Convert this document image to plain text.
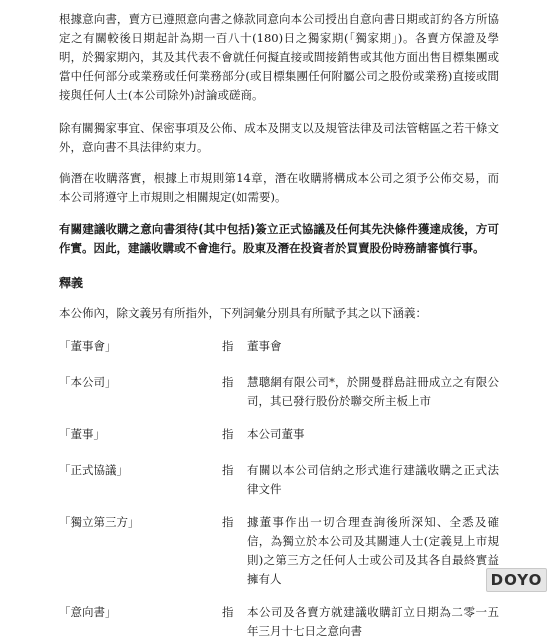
根據意向書，賣方已遵照意向書之條款同意向本公司授出自意向書日期或訂約各方所協定之有關較後日期起計為期一百八十(180)日之獨家期(「獨家期」)。各賣方保證及學明，於獨家期內，其及其代表不會就任何擬直接或間接銷售或其他方面出售目標集團或當中任何部分或業務或任何業務部分(或目標集團任何附屬公司之股份或業務)直接或間接與任何人士(本公司除外)討論或磋商。

除有關獨家事宜、保密事項及公佈、成本及開支以及規管法律及司法管轄區之若干條文外，意向書不具法律約束力。

倘潛在收購落實，根據上市規則第14章，潛在收購將構成本公司之須予公佈交易，而本公司將遵守上市規則之相關規定(如需要)。

有關建議收購之意向書須待(其中包括)簽立正式協議及任何其先決條件獲達成後，方可作實。因此，建議收購或不會進行。股東及潛在投資者於買賣股份時務請審慎行事。

釋義

本公佈內，除文義另有所指外，下列詞彙分別具有所賦予其之以下涵義：

「董事會」	指	董事會
「本公司」	指	慧聰網有限公司*，於開曼群島註冊成立之有限公司，其已發行股份於聯交所主板上市
「董事」	指	本公司董事
「正式協議」	指	有關以本公司信納之形式進行建議收購之正式法律文件
「獨立第三方」	指	據董事作出一切合理查詢後所深知、全悉及確信，為獨立於本公司及其關連人士(定義見上市規則)之第三方之任何人士或公司及其各自最終實益擁有人
「意向書」	指	本公司及各賣方就建議收購訂立日期為二零一五年三月十七日之意向書
DOYO
